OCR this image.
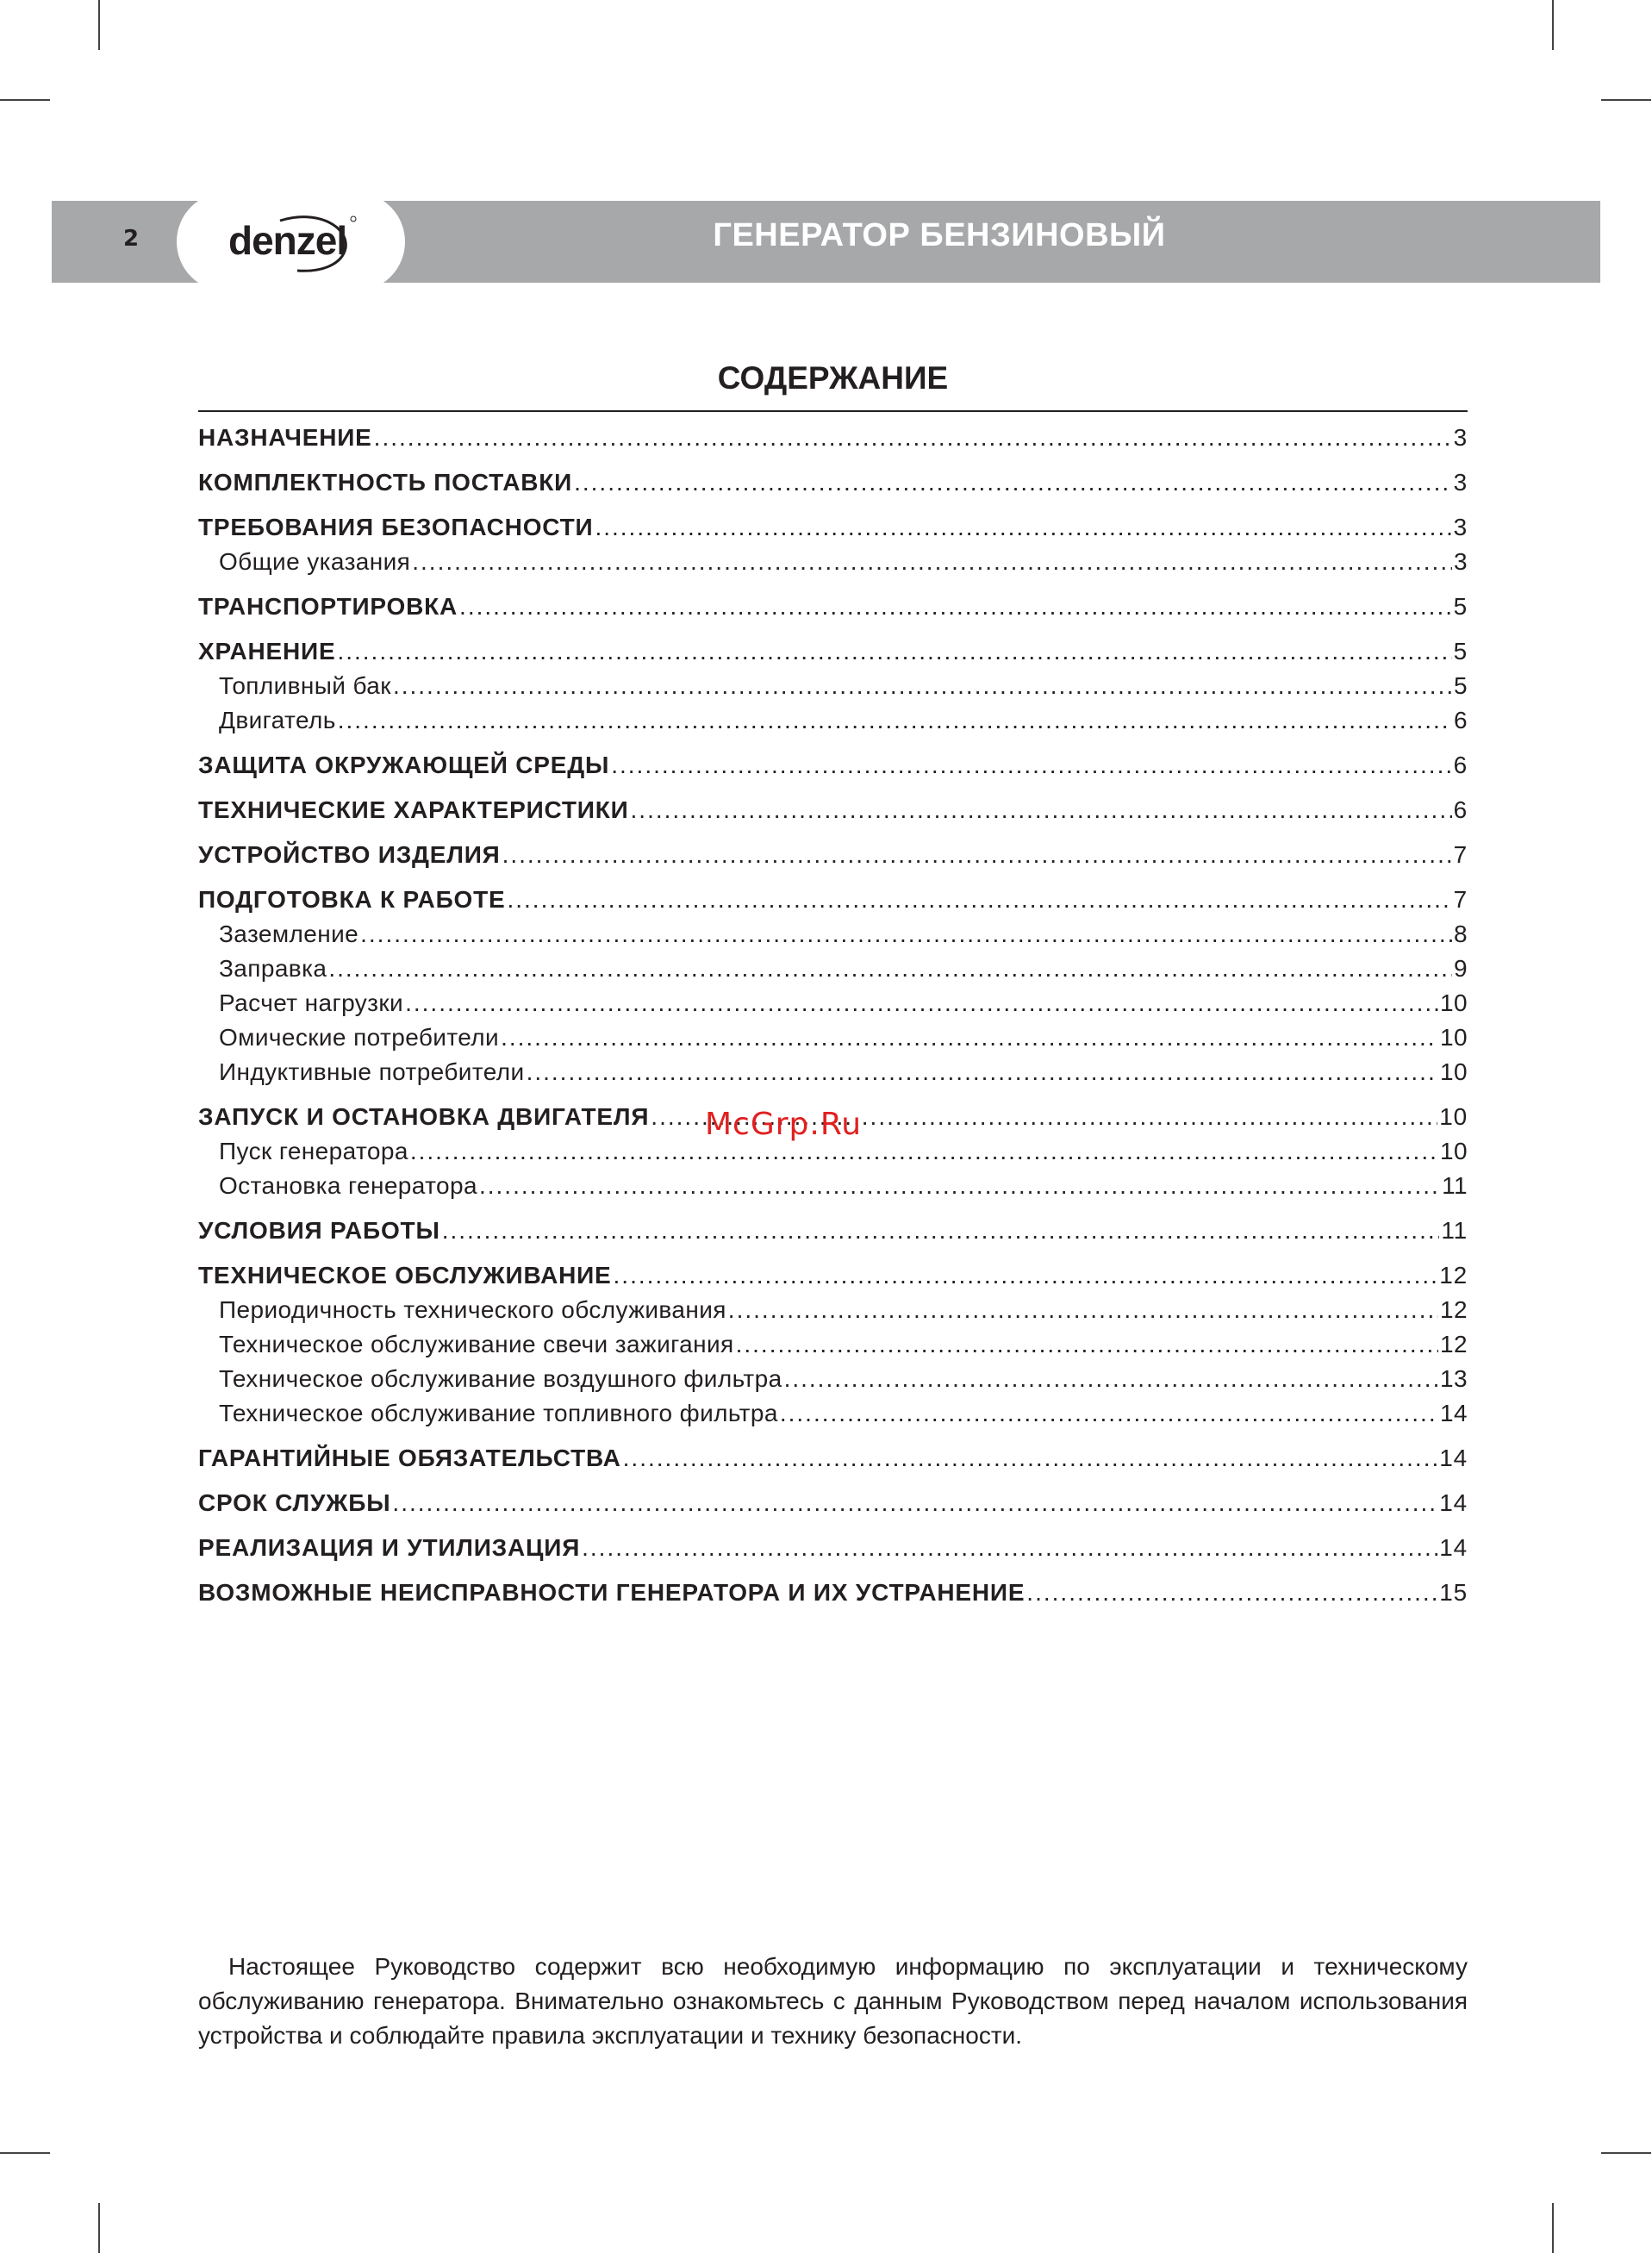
2 denzel	ГЕНЕРАТОР БЕНЗИНОВЫЙ
СОДЕРЖАНИЕ
НАЗНАЧЕНИЕ .....	3
КОМПЛЕКТНОСТЬ ПОСТАВКИ .....	3
ТРЕБОВАНИЯ БЕЗОПАСНОСТИ .....	3
Общие указания .....	3
ТРАНСПОРТИРОВКА .....	5
ХРАНЕНИЕ .....	5
Топливный бак .....	5
Двигатель .....	6
ЗАЩИТА ОКРУЖАЮЩЕЙ СРЕДЫ .....	6
ТЕХНИЧЕСКИЕ ХАРАКТЕРИСТИКИ .....	6
УСТРОЙСТВО ИЗДЕЛИЯ .....	7
ПОДГОТОВКА К РАБОТЕ .....	7
Заземление .....	8
Заправка .....	9
Расчет нагрузки .....	10
Омические потребители .....	10
Индуктивные потребители .....	10
ЗАПУСК И ОСТАНОВКА ДВИГАТЕЛЯ .....	10
Пуск генератора .....	10
Остановка генератора .....	11
УСЛОВИЯ РАБОТЫ .....	11
ТЕХНИЧЕСКОЕ ОБСЛУЖИВАНИЕ .....	12
Периодичность технического обслуживания .....	12
Техническое обслуживание свечи зажигания .....	12
Техническое обслуживание воздушного фильтра .....	13
Техническое обслуживание топливного фильтра .....	14
ГАРАНТИЙНЫЕ ОБЯЗАТЕЛЬСТВА .....	14
СРОК СЛУЖБЫ .....	14
РЕАЛИЗАЦИЯ И УТИЛИЗАЦИЯ .....	14
ВОЗМОЖНЫЕ НЕИСПРАВНОСТИ ГЕНЕРАТОРА И ИХ УСТРАНЕНИЕ .....	15
McGrp.Ru
Настоящее Руководство содержит всю необходимую информацию по эксплуатации и техническому обслуживанию генератора. Внимательно ознакомьтесь с данным Руководством перед началом использования устройства и соблюдайте правила эксплуатации и технику безопасности.
